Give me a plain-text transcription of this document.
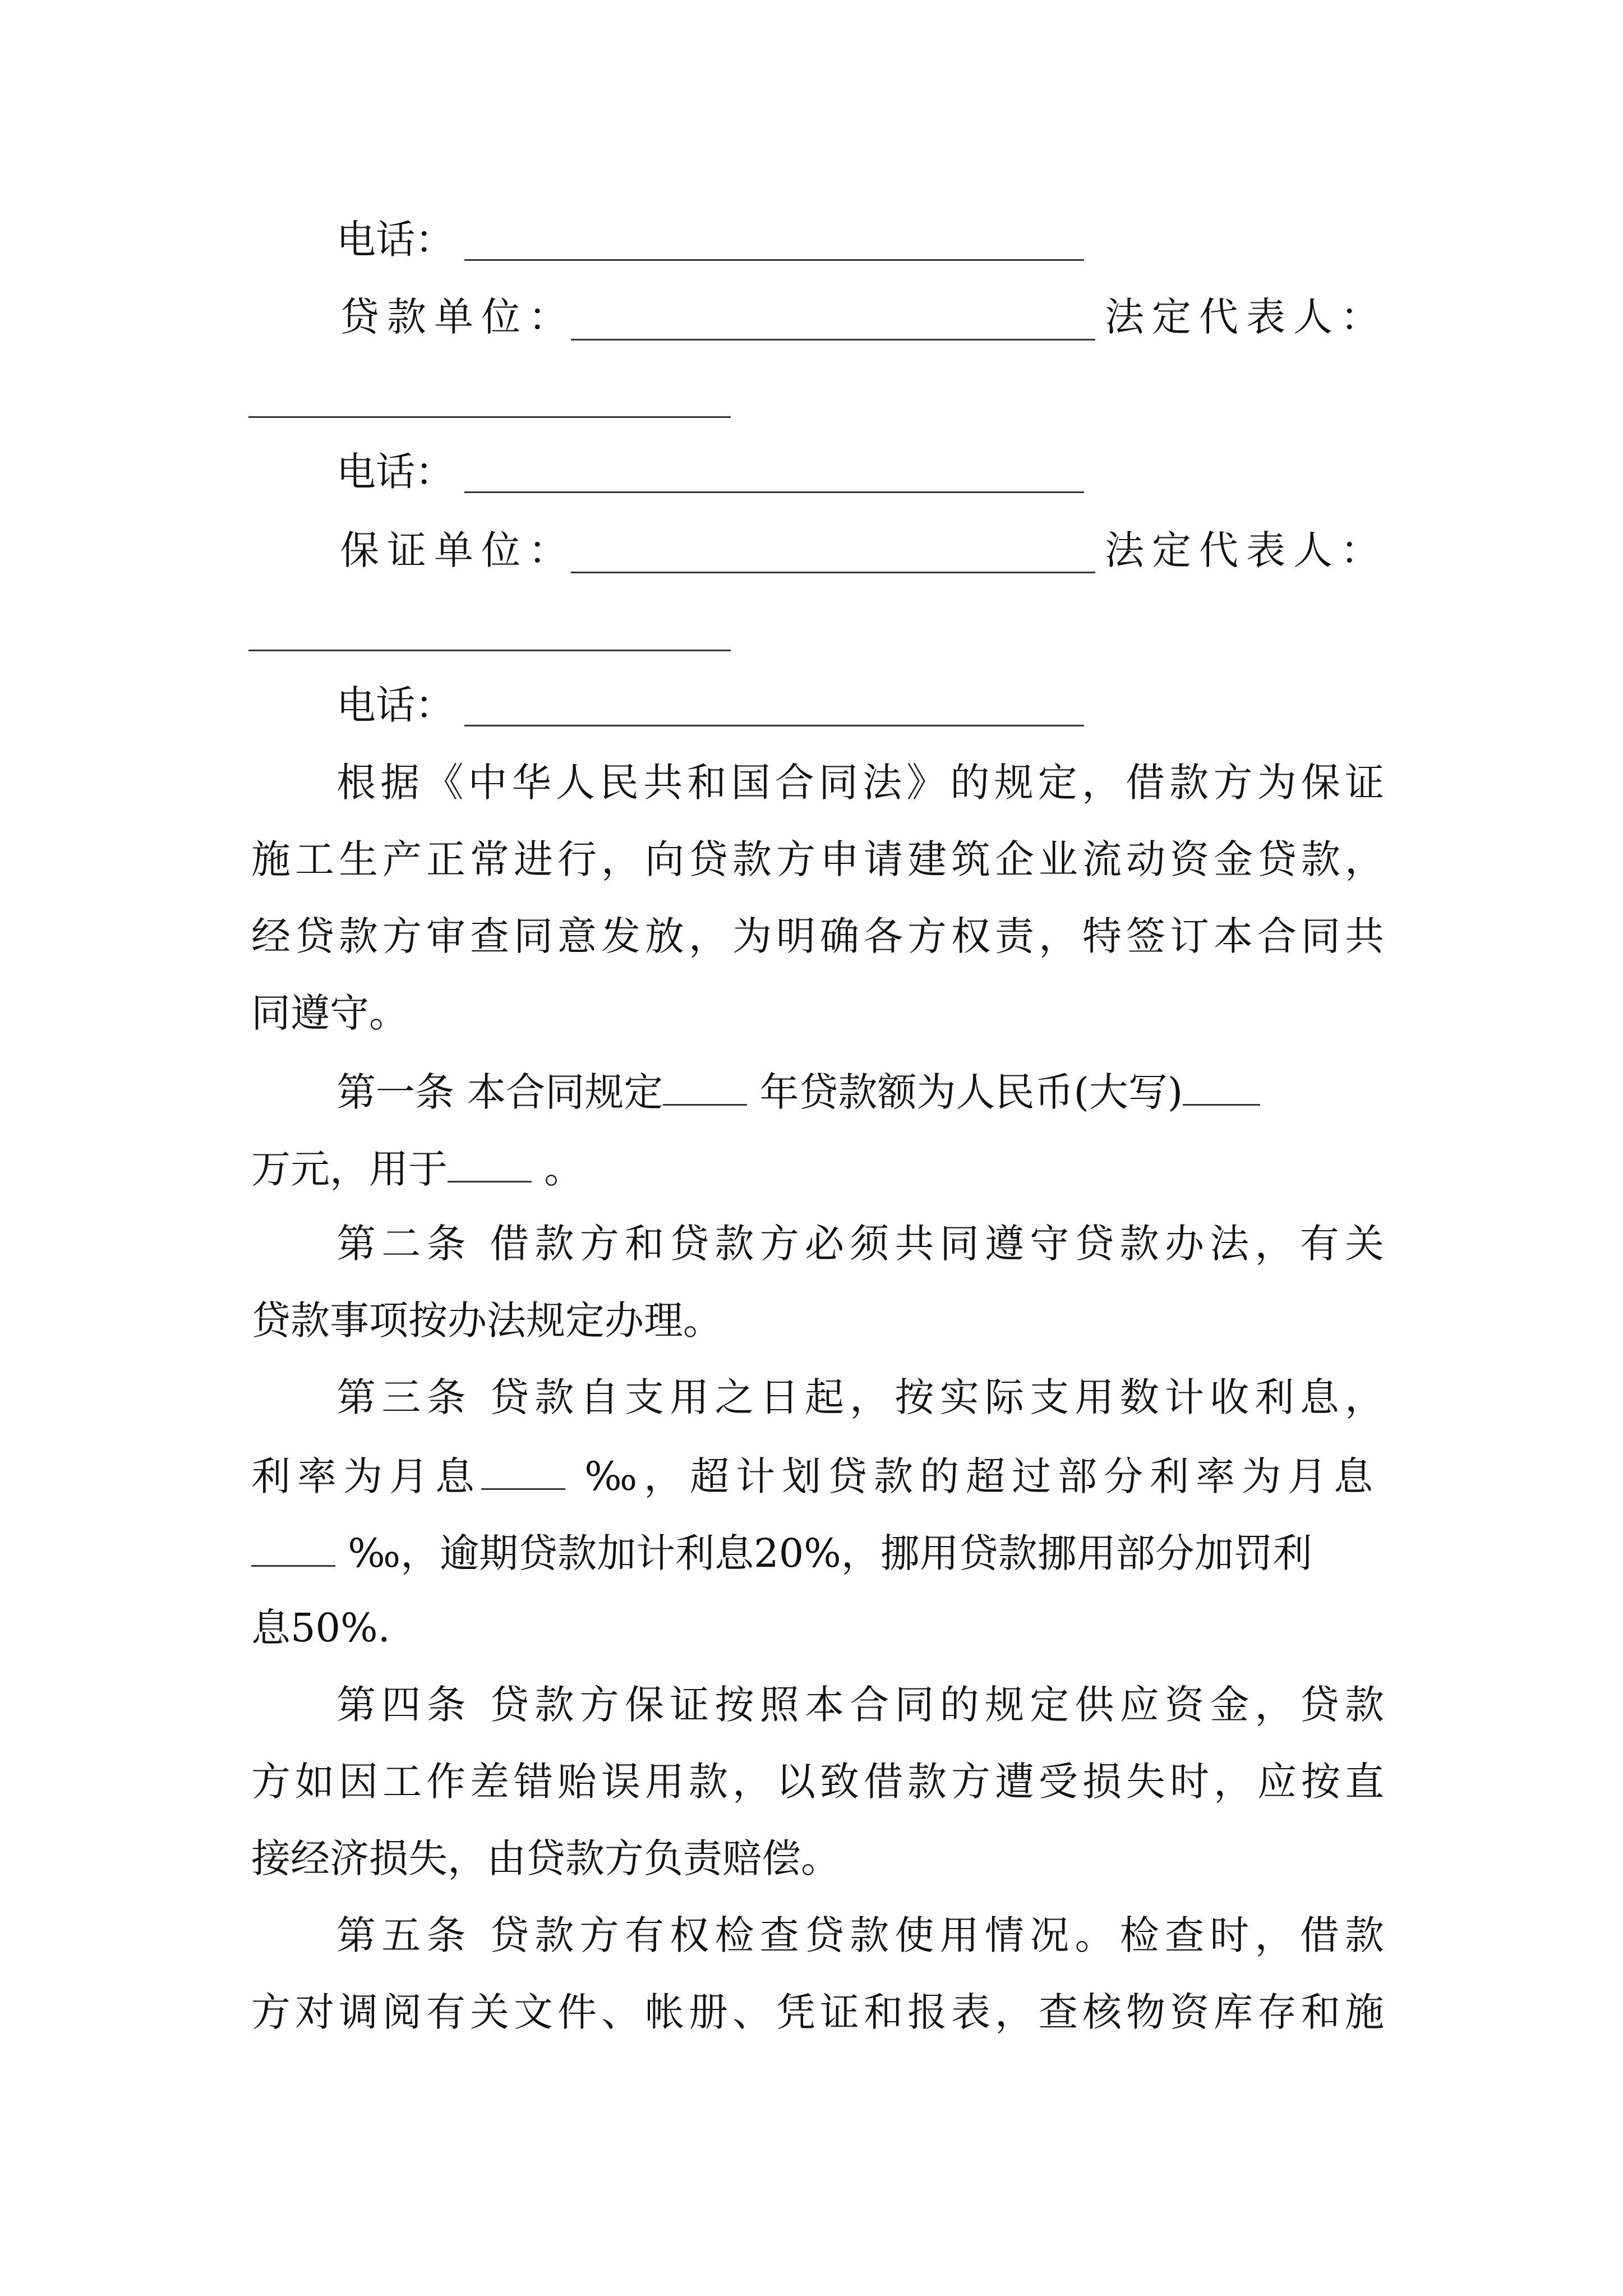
电话：
贷款单位：	法定代表人：
电话：
保证单位：	法定代表人：
电话：
根据《中华人民共和国合同法》的规定，借款方为保证
施工生产正常进行，向贷款方申请建筑企业流动资金贷款，
经贷款方审查同意发放，为明确各方权责，特签订本合同共
同遵守。
第一条 本合同规定 年贷款额为人民币(大写)
万元，用于 。
第二条 借款方和贷款方必须共同遵守贷款办法，有关
贷款事项按办法规定办理。
第三条 贷款自支用之日起，按实际支用数计收利息，
利率为月息 ‰，超计划贷款的超过部分利率为月息
‰，逾期贷款加计利息20%，挪用贷款挪用部分加罚利
息50%.
第四条 贷款方保证按照本合同的规定供应资金，贷款
方如因工作差错贻误用款，以致借款方遭受损失时，应按直
接经济损失，由贷款方负责赔偿。
第五条 贷款方有权检查贷款使用情况。检查时，借款
方对调阅有关文件、帐册、凭证和报表，查核物资库存和施
